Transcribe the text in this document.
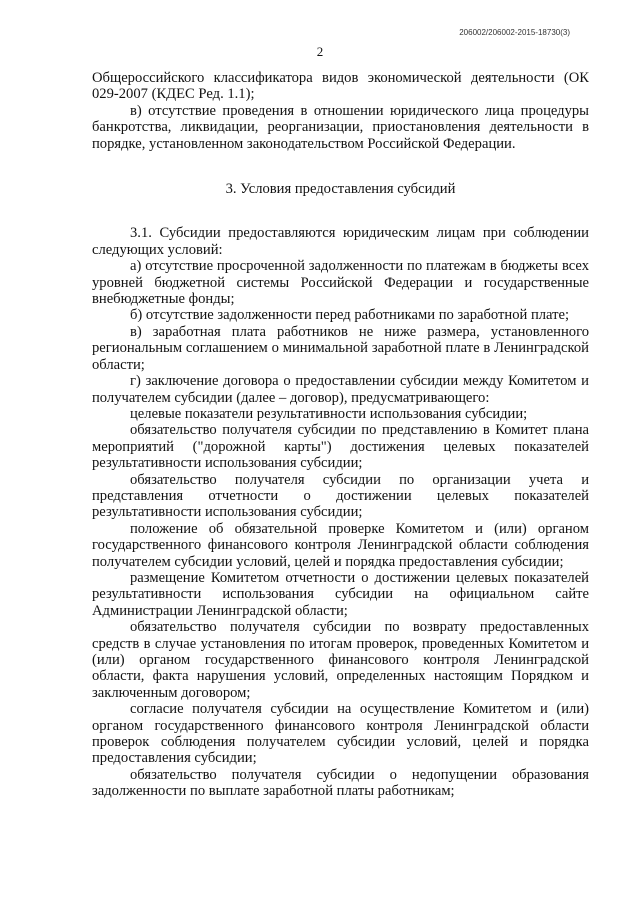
206002/206002-2015-18730(3)
2

Общероссийского классификатора видов экономической деятельности (ОК 029-2007 (КДЕС Ред. 1.1);

в) отсутствие проведения в отношении юридического лица процедуры банкротства, ликвидации, реорганизации, приостановления деятельности в порядке, установленном законодательством Российской Федерации.

3. Условия предоставления субсидий

3.1. Субсидии предоставляются юридическим лицам при соблюдении следующих условий:

а) отсутствие просроченной задолженности по платежам в бюджеты всех уровней бюджетной системы Российской Федерации и государственные внебюджетные фонды;

б) отсутствие задолженности перед работниками по заработной плате;

в) заработная плата работников не ниже размера, установленного региональным соглашением о минимальной заработной плате в Ленинградской области;

г) заключение договора о предоставлении субсидии между Комитетом и получателем субсидии (далее – договор), предусматривающего:

целевые показатели результативности использования субсидии;

обязательство получателя субсидии по представлению в Комитет плана мероприятий ("дорожной карты") достижения целевых показателей результативности использования субсидии;

обязательство получателя субсидии по организации учета и представления отчетности о достижении целевых показателей результативности использования субсидии;

положение об обязательной проверке Комитетом и (или) органом государственного финансового контроля Ленинградской области соблюдения получателем субсидии условий, целей и порядка предоставления субсидии;

размещение Комитетом отчетности о достижении целевых показателей результативности использования субсидии на официальном сайте Администрации Ленинградской области;

обязательство получателя субсидии по возврату предоставленных средств в случае установления по итогам проверок, проведенных Комитетом и (или) органом государственного финансового контроля Ленинградской области, факта нарушения условий, определенных настоящим Порядком и заключенным договором;

согласие получателя субсидии на осуществление Комитетом и (или) органом государственного финансового контроля Ленинградской области проверок соблюдения получателем субсидии условий, целей и порядка предоставления субсидии;

обязательство получателя субсидии о недопущении образования задолженности по выплате заработной платы работникам;
